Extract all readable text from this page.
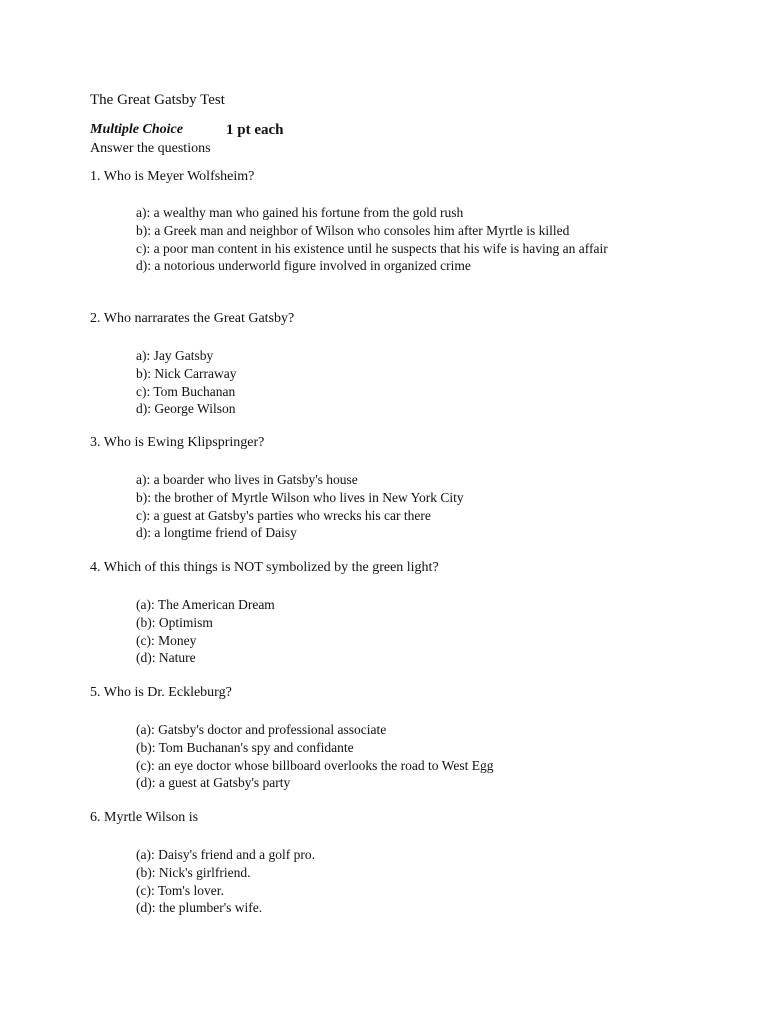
The Great Gatsby Test
Multiple Choice	1 pt each
Answer the questions
1. Who is Meyer Wolfsheim?
a): a wealthy man who gained his fortune from the gold rush
b): a Greek man and neighbor of Wilson who consoles him after Myrtle is killed
c): a poor man content in his existence until he suspects that his wife is having an affair
d): a notorious underworld figure involved in organized crime
2. Who narrarates the Great Gatsby?
a): Jay Gatsby
b): Nick Carraway
c): Tom Buchanan
d): George Wilson
3. Who is Ewing Klipspringer?
a): a boarder who lives in Gatsby's house
b): the brother of Myrtle Wilson who lives in New York City
c): a guest at Gatsby's parties who wrecks his car there
d): a longtime friend of Daisy
4. Which of this things is NOT symbolized by the green light?
(a): The American Dream
(b): Optimism
(c): Money
(d): Nature
5. Who is Dr. Eckleburg?
(a): Gatsby's doctor and professional associate
(b): Tom Buchanan's spy and confidante
(c): an eye doctor whose billboard overlooks the road to West Egg
(d): a guest at Gatsby's party
6. Myrtle Wilson is
(a): Daisy's friend and a golf pro.
(b): Nick's girlfriend.
(c): Tom's lover.
(d): the plumber's wife.
